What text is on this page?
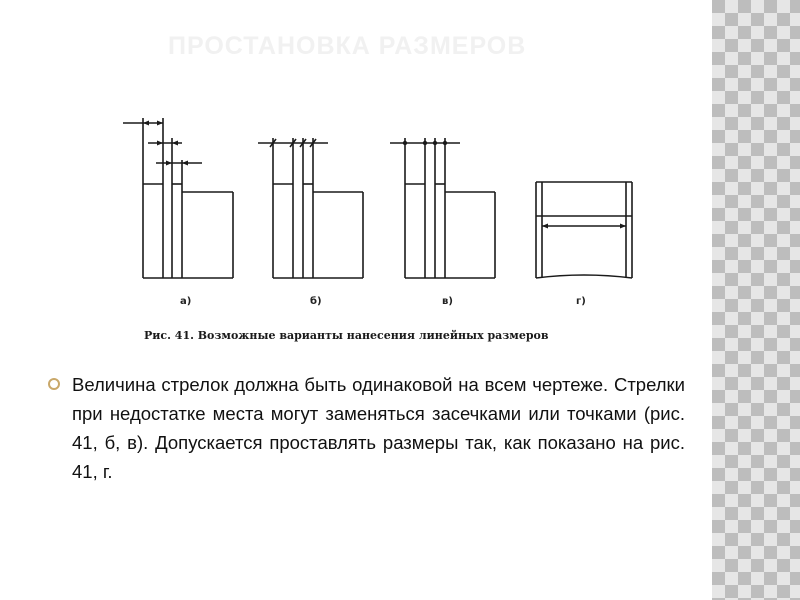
ПРОСТАНОВКА РАЗМЕРОВ
а)	б)	в)	г)
Рис. 41. Возможные варианты нанесения линейных размеров

Величина стрелок должна быть одинаковой на всем чертеже. Стрелки при недостатке места могут заменяться засечками или точками (рис. 41, б, в). Допускается проставлять размеры так, как показано на рис. 41, г.
